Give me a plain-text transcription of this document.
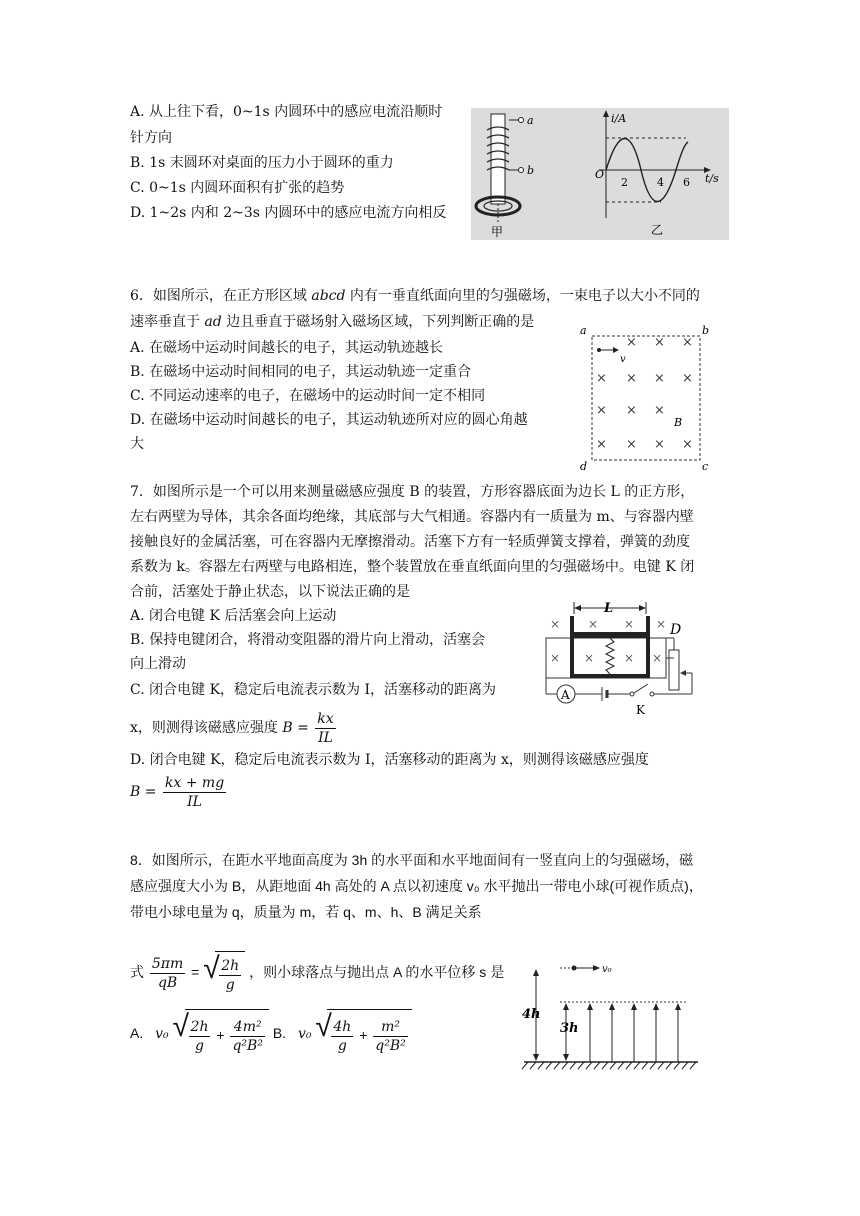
A. 从上往下看，0~1s 内圆环中的感应电流沿顺时
针方向
B. 1s 末圆环对桌面的压力小于圆环的重力
C. 0~1s 内圆环面积有扩张的趋势
D. 1~2s 内和 2~3s 内圆环中的感应电流方向相反
a
b
甲
i/A
O	t/s
2	4 6
乙
6．如图所示，在正方形区域 abcd 内有一垂直纸面向里的匀强磁场，一束电子以大小不同的
速率垂直于 ad 边且垂直于磁场射入磁场区域，下列判断正确的是
A. 在磁场中运动时间越长的电子，其运动轨迹越长
B. 在磁场中运动时间相同的电子，其运动轨迹一定重合
C. 不同运动速率的电子，在磁场中的运动时间一定不相同
D. 在磁场中运动时间越长的电子，其运动轨迹所对应的圆心角越
大
a	b
c
d
v
B
× × ×
× × × ×
× × ×
× × × ×
7．如图所示是一个可以用来测量磁感应强度 B 的装置，方形容器底面为边长 L 的正方形，
左右两壁为导体，其余各面均绝缘，其底部与大气相通。容器内有一质量为 m、与容器内壁
接触良好的金属活塞，可在容器内无摩擦滑动。活塞下方有一轻质弹簧支撑着，弹簧的劲度
系数为 k。容器左右两壁与电路相连，整个装置放在垂直纸面向里的匀强磁场中。电键 K 闭
合前，活塞处于静止状态，以下说法正确的是
A. 闭合电键 K 后活塞会向上运动
B. 保持电键闭合，将滑动变阻器的滑片向上滑动，活塞会
向上滑动
C. 闭合电键 K，稳定后电流表示数为 I，活塞移动的距离为
x，则测得该磁感应强度 $B = \frac{kx}{IL}$
D. 闭合电键 K，稳定后电流表示数为 I，活塞移动的距离为 x，则测得该磁感应强度
$B = \frac{kx + mg}{IL}$
L
D
A
K
× × × ×
× × × ×
8．如图所示，在距水平地面高度为 3h 的水平面和水平地面间有一竖直向上的匀强磁场，磁
感应强度大小为 B，从距地面 4h 高处的 A 点以初速度 v₀ 水平抛出一带电小球(可视作质点)，
带电小球电量为 q，质量为 m，若 q、m、h、B 满足关系
式 $\frac{5\pi m}{qB}$ = √ $\frac{2h}{g}$ ，则小球落点与抛出点 A 的水平位移 s 是
A. v₀ √ $\frac{2h}{g} + \frac{\text{4m²}}{\text{q²B²}} B$. v₀ √ $\frac{4h}{g} + \frac{\text{m²}}{\text{q²B²}}$
v₀
4h
3h
